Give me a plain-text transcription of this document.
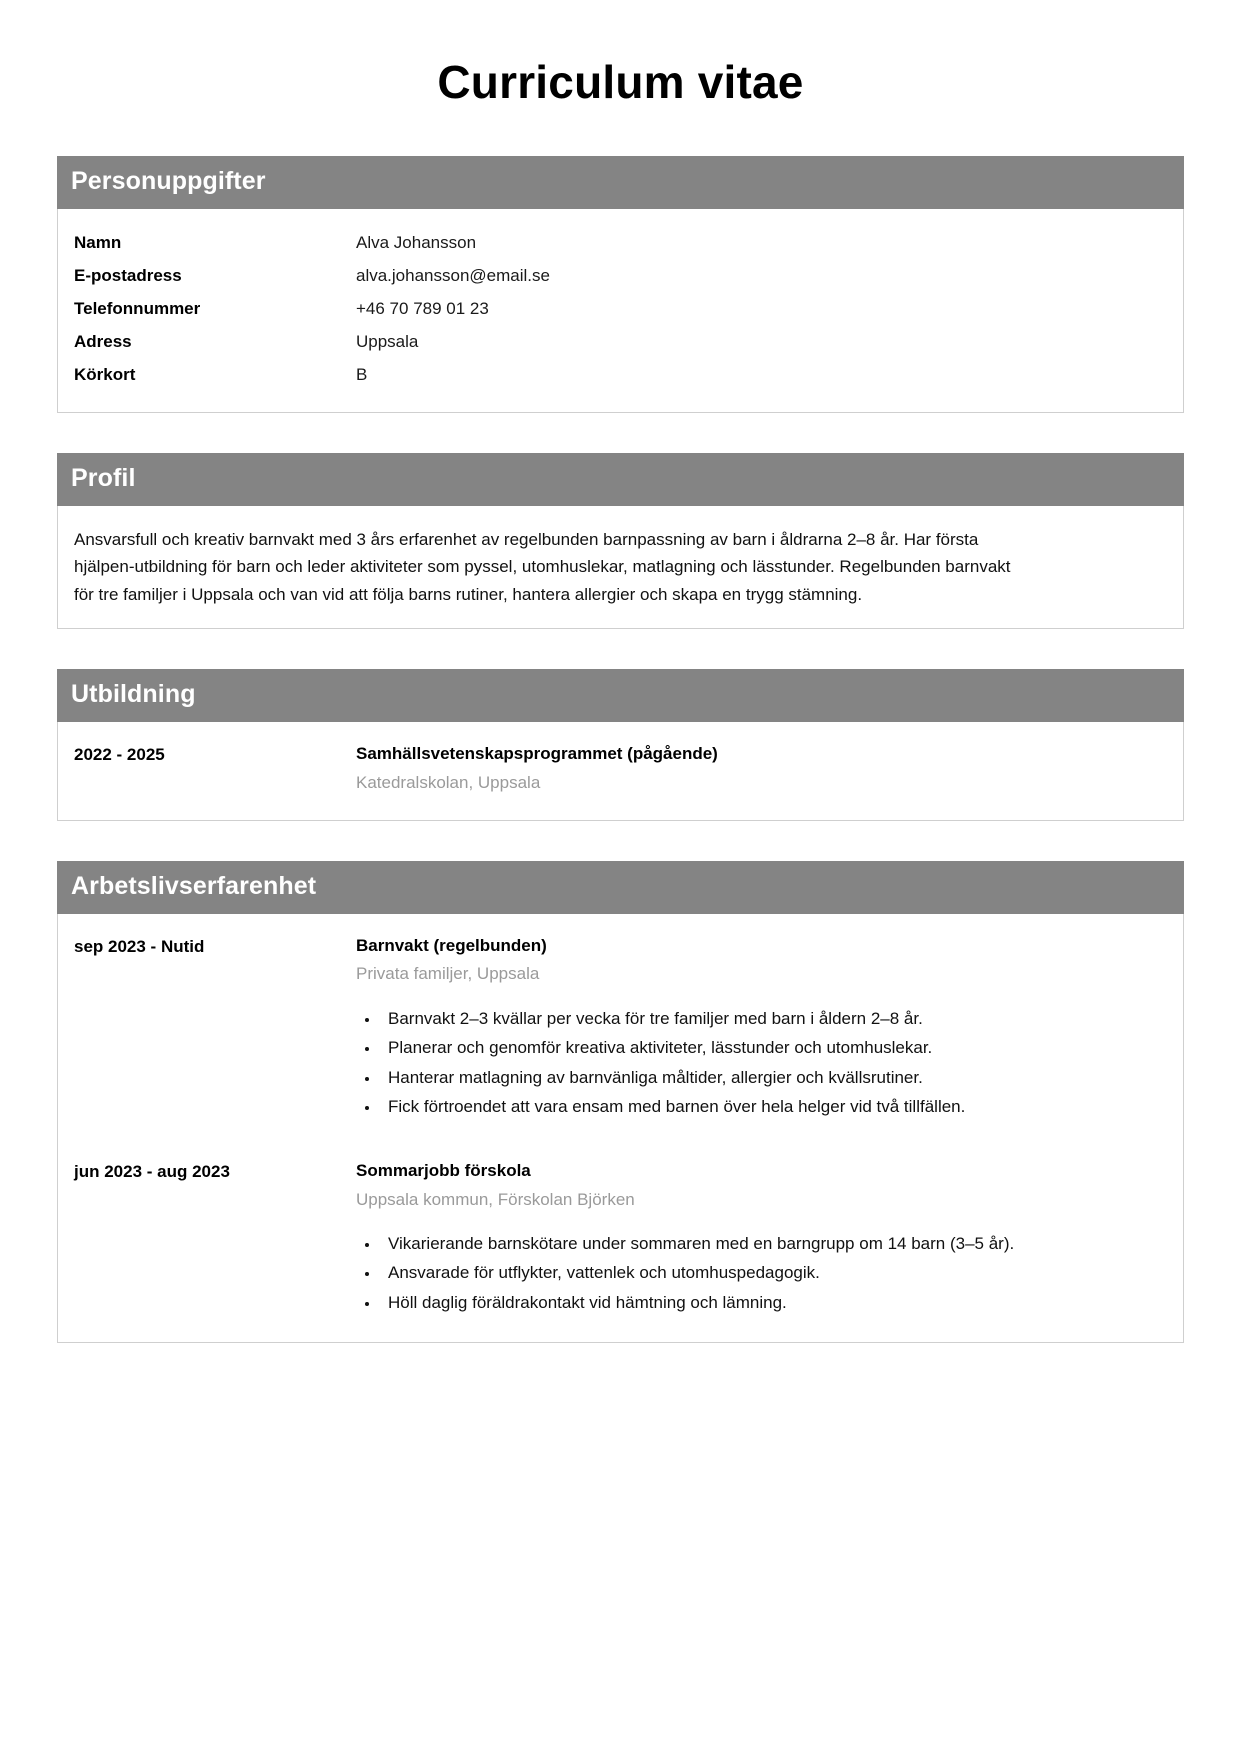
Curriculum vitae
Personuppgifter
Namn	Alva Johansson
E-postadress	alva.johansson@email.se
Telefonnummer	+46 70 789 01 23
Adress	Uppsala
Körkort	B
Profil

Ansvarsfull och kreativ barnvakt med 3 års erfarenhet av regelbunden barnpassning av barn i åldrarna 2–8 år. Har första hjälpen-utbildning för barn och leder aktiviteter som pyssel, utomhuslekar, matlagning och lässtunder. Regelbunden barnvakt för tre familjer i Uppsala och van vid att följa barns rutiner, hantera allergier och skapa en trygg stämning.

Utbildning
2022 - 2025	Samhällsvetenskapsprogrammet (pågående)
Katedralskolan, Uppsala
Arbetslivserfarenhet
sep 2023 - Nutid	Barnvakt (regelbunden)
Privata familjer, Uppsala
• Barnvakt 2–3 kvällar per vecka för tre familjer med barn i åldern 2–8 år.
• Planerar och genomför kreativa aktiviteter, lässtunder och utomhuslekar.
• Hanterar matlagning av barnvänliga måltider, allergier och kvällsrutiner.
• Fick förtroendet att vara ensam med barnen över hela helger vid två tillfällen.
jun 2023 - aug 2023	Sommarjobb förskola
Uppsala kommun, Förskolan Björken
• Vikarierande barnskötare under sommaren med en barngrupp om 14 barn (3–5 år).
• Ansvarade för utflykter, vattenlek och utomhuspedagogik.
• Höll daglig föräldrakontakt vid hämtning och lämning.
